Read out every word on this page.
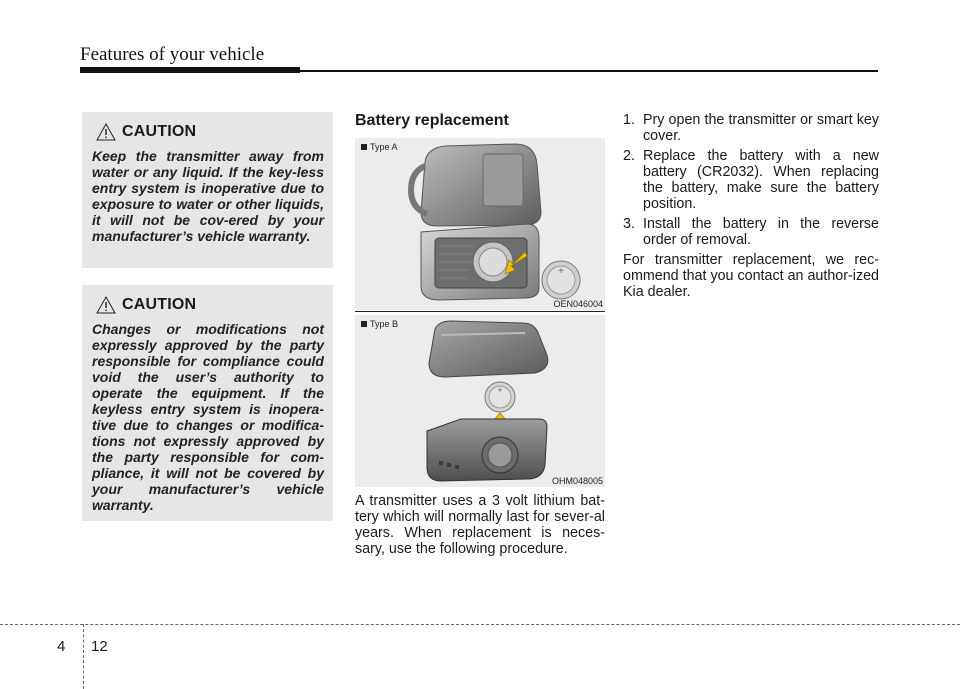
Features of your vehicle
CAUTION
Keep the transmitter away from water or any liquid. If the key-less entry system is inoperative due to exposure to water or other liquids, it will not be cov-ered by your manufacturer’s vehicle warranty.
CAUTION
Changes or modifications not expressly approved by the party responsible for compliance could void the user’s authority to operate the equipment. If the keyless entry system is inopera-tive due to changes or modifica-tions not expressly approved by the party responsible for com-pliance, it will not be covered by your manufacturer’s vehicle warranty.
Battery replacement
+
Type A
OEN046004
+
Type B
OHM048005
A transmitter uses a 3 volt lithium bat-tery which will normally last for sever-al years. When replacement is neces-sary, use the following procedure.
1. Pry open the transmitter or smart key cover.
2. Replace the battery with a new battery (CR2032). When replacing the battery, make sure the battery position.
3. Install the battery in the reverse order of removal.
For transmitter replacement, we rec-ommend that you contact an author-ized Kia dealer.
4 12
